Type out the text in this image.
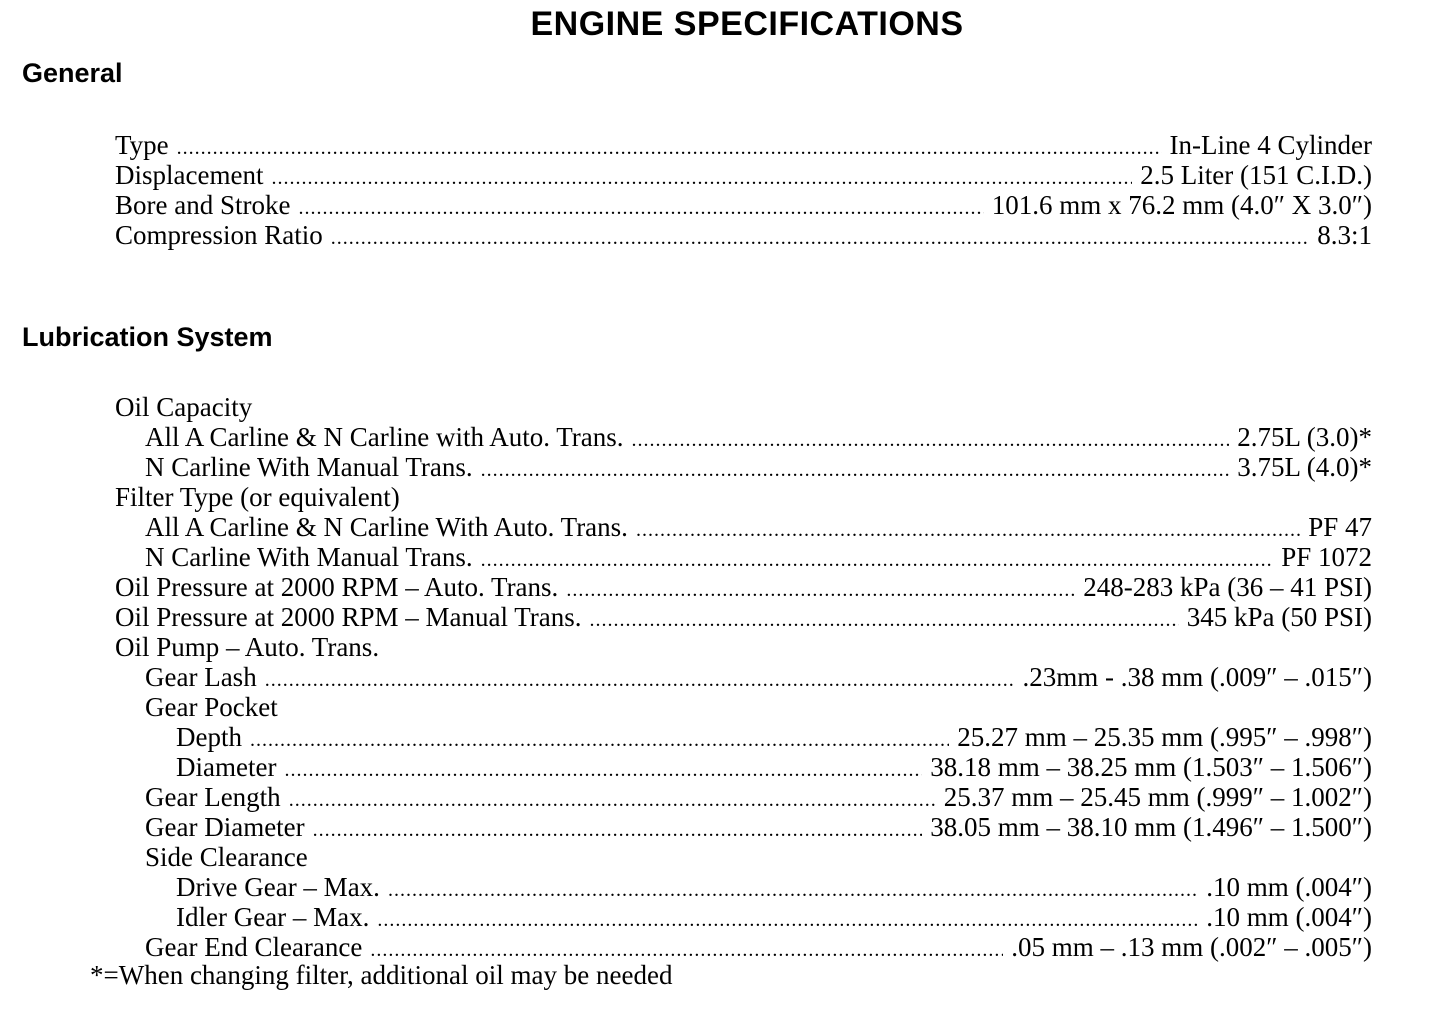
ENGINE SPECIFICATIONS
General
Type .....	In-Line 4 Cylinder
Displacement .....	2.5 Liter (151 C.I.D.)
Bore and Stroke .....	101.6 mm x 76.2 mm (4.0″ X 3.0″)
Compression Ratio .....	8.3:1
Lubrication System
Oil Capacity
All A Carline & N Carline with Auto. Trans. .....	2.75L (3.0)*
N Carline With Manual Trans. .....	3.75L (4.0)*
Filter Type (or equivalent)
All A Carline & N Carline With Auto. Trans. .....	PF 47
N Carline With Manual Trans. .....	PF 1072
Oil Pressure at 2000 RPM – Auto. Trans. .....	248-283 kPa (36 – 41 PSI)
Oil Pressure at 2000 RPM – Manual Trans. .....	345 kPa (50 PSI)
Oil Pump – Auto. Trans.
Gear Lash .....	.23mm - .38 mm (.009″ – .015″)
Gear Pocket
Depth .....	25.27 mm – 25.35 mm (.995″ – .998″)
Diameter .....	38.18 mm – 38.25 mm (1.503″ – 1.506″)
Gear Length .....	25.37 mm – 25.45 mm (.999″ – 1.002″)
Gear Diameter .....	38.05 mm – 38.10 mm (1.496″ – 1.500″)
Side Clearance
Drive Gear – Max. .....	.10 mm (.004″)
Idler Gear – Max. .....	.10 mm (.004″)
Gear End Clearance .....	.05 mm – .13 mm (.002″ – .005″)

*=When changing filter, additional oil may be needed
